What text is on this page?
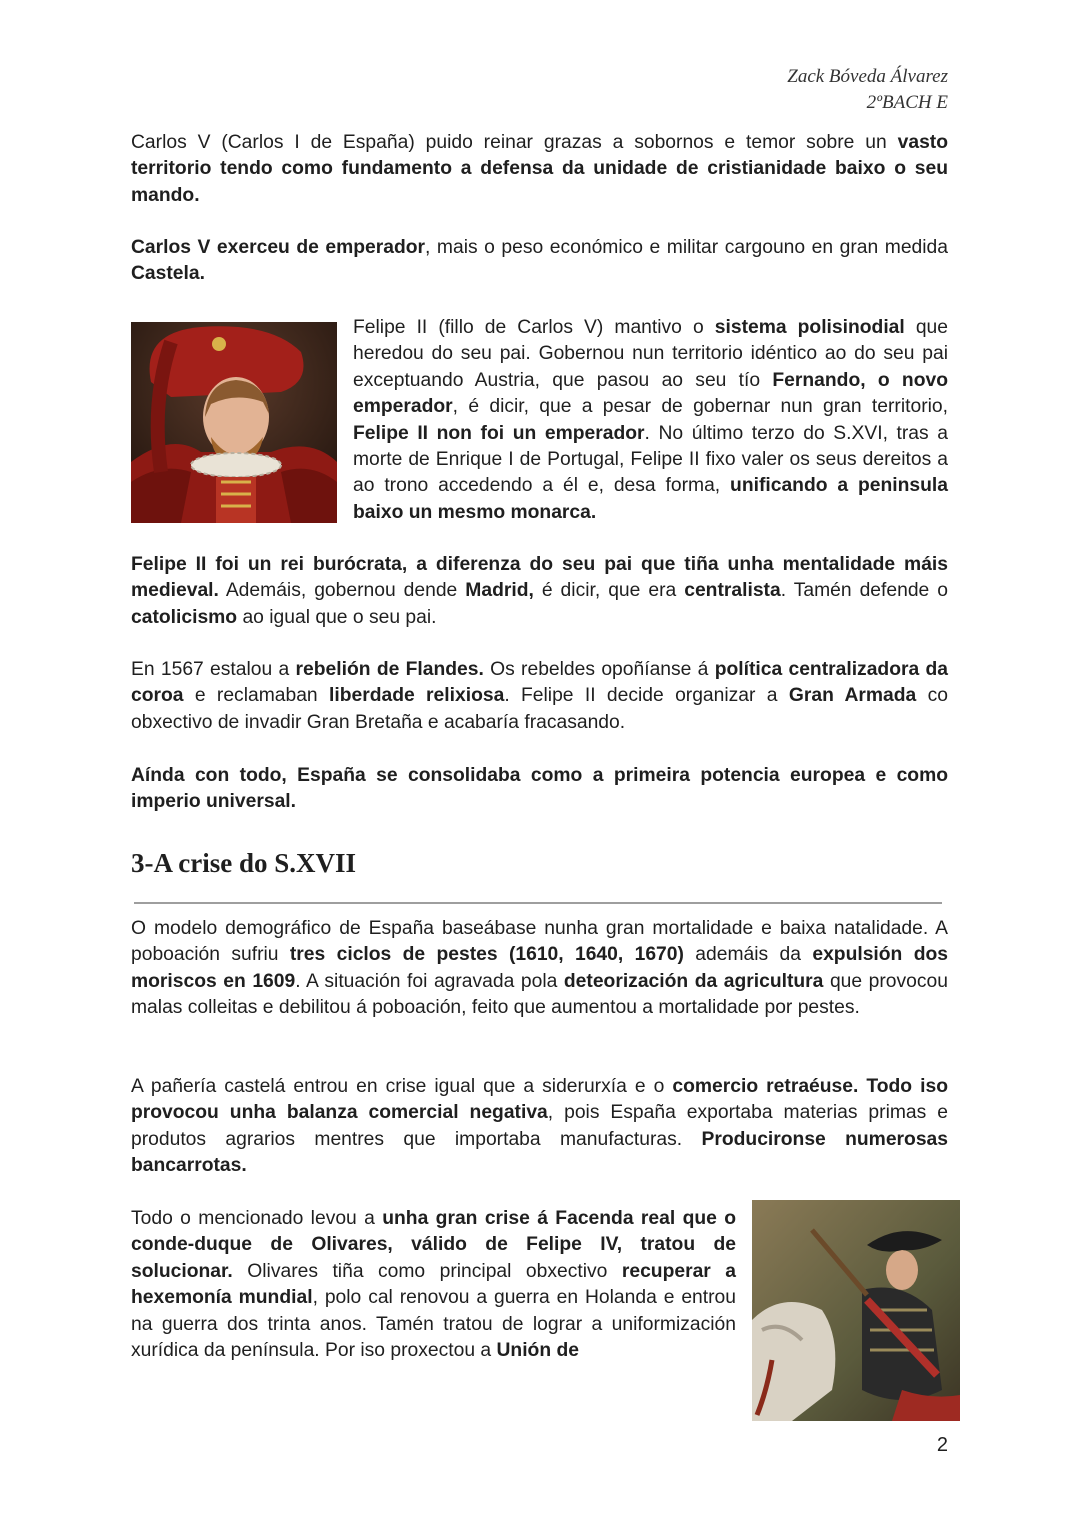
Zack Bóveda Álvarez
2ºBACH E
Carlos V (Carlos I de España) puido reinar grazas a sobornos e temor sobre un vasto territorio tendo como fundamento a defensa da unidade de cristianidade baixo o seu mando.
Carlos V exerceu de emperador, mais o peso económico e militar cargouno en gran medida Castela.
Felipe II (fillo de Carlos V) mantivo o sistema polisinodial que heredou do seu pai. Gobernou nun territorio idéntico ao do seu pai exceptuando Austria, que pasou ao seu tío Fernando, o novo emperador, é dicir, que a pesar de gobernar nun gran territorio, Felipe II non foi un emperador. No último terzo do S.XVI, tras a morte de Enrique I de Portugal, Felipe II fixo valer os seus dereitos a ao trono accedendo a él e, desa forma, unificando a peninsula baixo un mesmo monarca.
Felipe II foi un rei burócrata, a diferenza do seu pai que tiña unha mentalidade máis medieval. Ademáis, gobernou dende Madrid, é dicir, que era centralista. Tamén defende o catolicismo ao igual que o seu pai.
En 1567 estalou a rebelión de Flandes. Os rebeldes opoñíanse á política centralizadora da coroa e reclamaban liberdade relixiosa. Felipe II decide organizar a Gran Armada co obxectivo de invadir Gran Bretaña e acabaría fracasando.
Aínda con todo, España se consolidaba como a primeira potencia europea e como imperio universal.
3-A crise do S.XVII
O modelo demográfico de España baseábase nunha gran mortalidade e baixa natalidade. A poboación sufriu tres ciclos de pestes (1610, 1640, 1670) ademáis da expulsión dos moriscos en 1609. A situación foi agravada pola deteorización da agricultura que provocou malas colleitas e debilitou á poboación, feito que aumentou a mortalidade por pestes.
A pañería castelá entrou en crise igual que a siderurxía e o comercio retraéuse. Todo iso provocou unha balanza comercial negativa, pois España exportaba materias primas e produtos agrarios mentres que importaba manufacturas. Producironse numerosas bancarrotas.
Todo o mencionado levou a unha gran crise á Facenda real que o conde-duque de Olivares, válido de Felipe IV, tratou de solucionar. Olivares tiña como principal obxectivo recuperar a hexemonía mundial, polo cal renovou a guerra en Holanda e entrou na guerra dos trinta anos. Tamén tratou de lograr a uniformización xurídica da península. Por iso proxectou a Unión de
2
